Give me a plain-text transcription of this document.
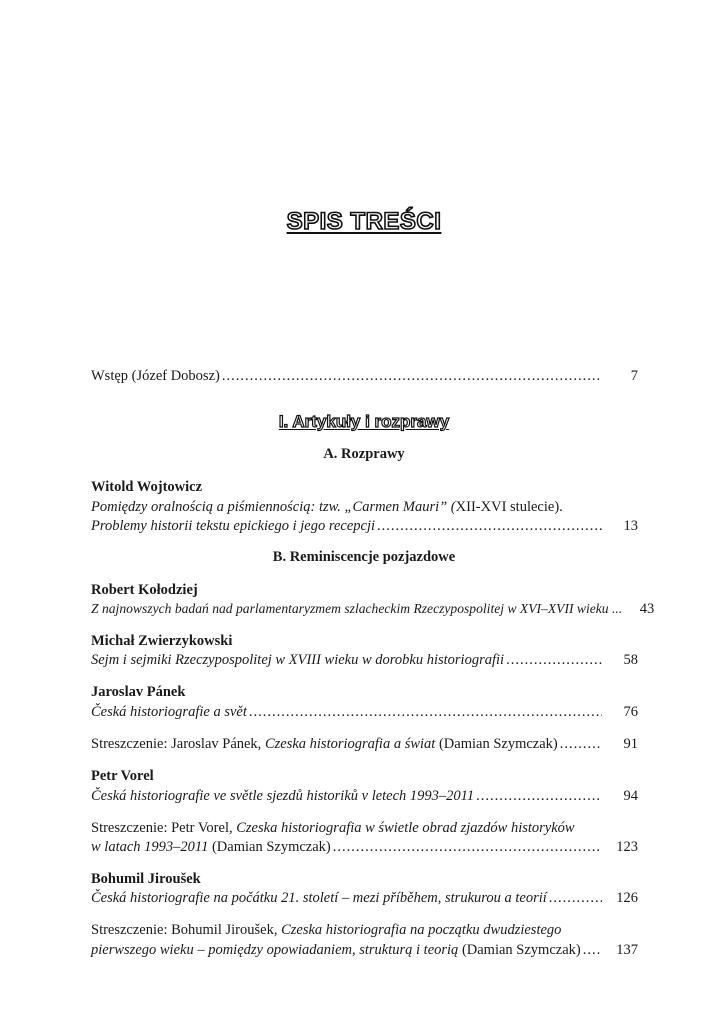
SPIS TREŚCI
Wstęp (Józef Dobosz) .....	7
I. Artykuły i rozprawy
A. Rozprawy
Witold Wojtowicz
Pomiędzy oralnością a piśmiennością: tzw. „Carmen Mauri” (XII-XVI stulecie).
Problemy historii tekstu epickiego i jego recepcji .....	13
B. Reminiscencje pozjazdowe
Robert Kołodziej
Z najnowszych badań nad parlamentaryzmem szlacheckim Rzeczypospolitej w XVI–XVII wieku ...	43
Michał Zwierzykowski
Sejm i sejmiki Rzeczypospolitej w XVIII wieku w dorobku historiografii .....	58
Jaroslav Pánek
Česká historiografie a svět .....	76
Streszczenie: Jaroslav Pánek, Czeska historiografia a świat (Damian Szymczak) .....	91
Petr Vorel
Česká historiografie ve světle sjezdů historiků v letech 1993–2011 .....	94
Streszczenie: Petr Vorel, Czeska historiografia w świetle obrad zjazdów historyków
w latach 1993–2011 (Damian Szymczak) .....	123
Bohumil Jiroušek
Česká historiografie na počátku 21. století – mezi příběhem, strukurou a teorií .....	126
Streszczenie: Bohumil Jiroušek, Czeska historiografia na początku dwudziestego
pierwszego wieku – pomiędzy opowiadaniem, strukturą i teorią (Damian Szymczak) .....	137
